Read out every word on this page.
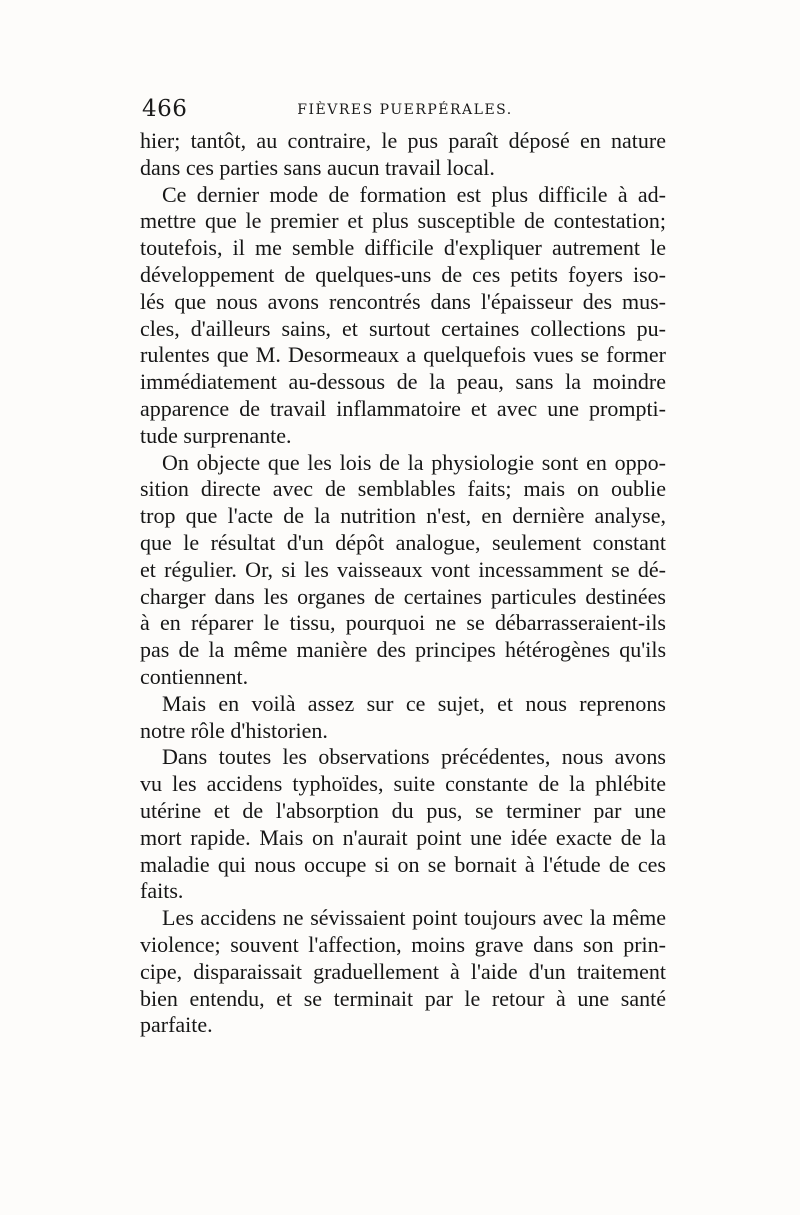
466	FIÈVRES PUERPÉRALES.
hier; tantôt, au contraire, le pus paraît déposé en nature
dans ces parties sans aucun travail local.
Ce dernier mode de formation est plus difficile à ad-
mettre que le premier et plus susceptible de contestation;
toutefois, il me semble difficile d'expliquer autrement le
développement de quelques-uns de ces petits foyers iso-
lés que nous avons rencontrés dans l'épaisseur des mus-
cles, d'ailleurs sains, et surtout certaines collections pu-
rulentes que M. Desormeaux a quelquefois vues se former
immédiatement au-dessous de la peau, sans la moindre
apparence de travail inflammatoire et avec une prompti-
tude surprenante.
On objecte que les lois de la physiologie sont en oppo-
sition directe avec de semblables faits; mais on oublie
trop que l'acte de la nutrition n'est, en dernière analyse,
que le résultat d'un dépôt analogue, seulement constant
et régulier. Or, si les vaisseaux vont incessamment se dé-
charger dans les organes de certaines particules destinées
à en réparer le tissu, pourquoi ne se débarrasseraient-ils
pas de la même manière des principes hétérogènes qu'ils
contiennent.
Mais en voilà assez sur ce sujet, et nous reprenons
notre rôle d'historien.
Dans toutes les observations précédentes, nous avons
vu les accidens typhoïdes, suite constante de la phlébite
utérine et de l'absorption du pus, se terminer par une
mort rapide. Mais on n'aurait point une idée exacte de la
maladie qui nous occupe si on se bornait à l'étude de ces
faits.
Les accidens ne sévissaient point toujours avec la même
violence; souvent l'affection, moins grave dans son prin-
cipe, disparaissait graduellement à l'aide d'un traitement
bien entendu, et se terminait par le retour à une santé
parfaite.
